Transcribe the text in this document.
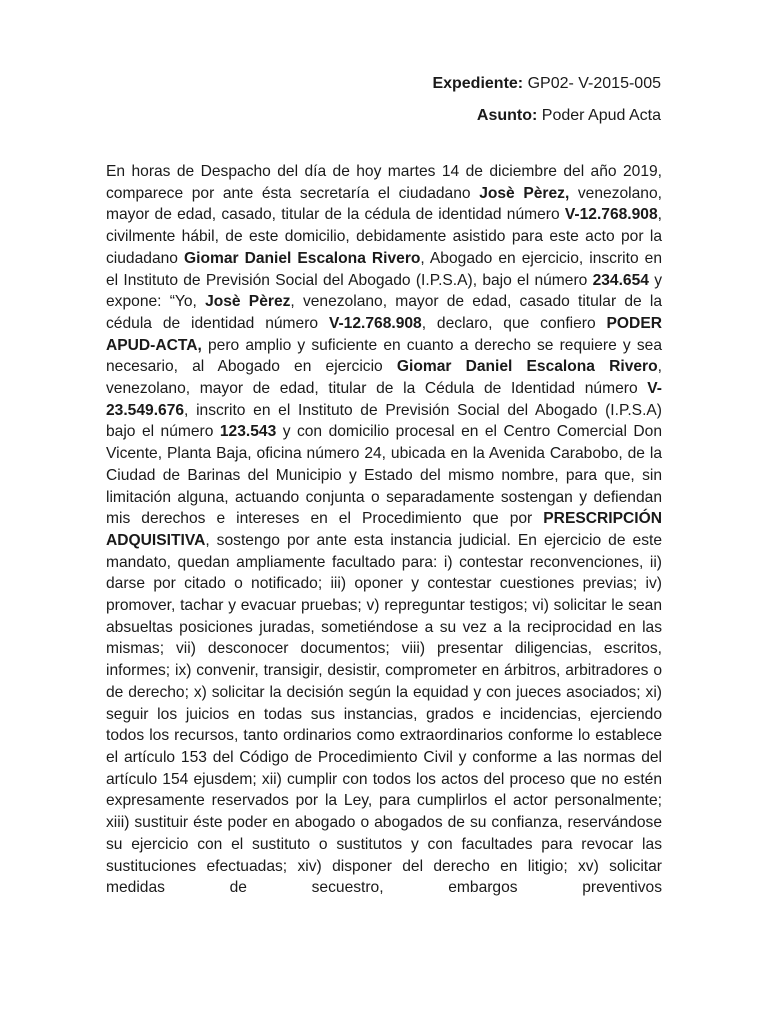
Expediente: GP02- V-2015-005
Asunto: Poder Apud Acta
En horas de Despacho del día de hoy martes 14 de diciembre del año 2019, comparece por ante ésta secretaría el ciudadano Josè Pèrez, venezolano, mayor de edad, casado, titular de la cédula de identidad número V-12.768.908, civilmente hábil, de este domicilio, debidamente asistido para este acto por la ciudadano Giomar Daniel Escalona Rivero, Abogado en ejercicio, inscrito en el Instituto de Previsión Social del Abogado (I.P.S.A), bajo el número 234.654 y expone: “Yo, Josè Pèrez, venezolano, mayor de edad, casado titular de la cédula de identidad número V-12.768.908, declaro, que confiero PODER APUD-ACTA, pero amplio y suficiente en cuanto a derecho se requiere y sea necesario, al Abogado en ejercicio Giomar Daniel Escalona Rivero, venezolano, mayor de edad, titular de la Cédula de Identidad número V-23.549.676, inscrito en el Instituto de Previsión Social del Abogado (I.P.S.A) bajo el número 123.543 y con domicilio procesal en el Centro Comercial Don Vicente, Planta Baja, oficina número 24, ubicada en la Avenida Carabobo, de la Ciudad de Barinas del Municipio y Estado del mismo nombre, para que, sin limitación alguna, actuando conjunta o separadamente sostengan y defiendan mis derechos e intereses en el Procedimiento que por PRESCRIPCIÓN ADQUISITIVA, sostengo por ante esta instancia judicial. En ejercicio de este mandato, quedan ampliamente facultado para: i) contestar reconvenciones, ii) darse por citado o notificado; iii) oponer y contestar cuestiones previas; iv) promover, tachar y evacuar pruebas; v) repreguntar testigos; vi) solicitar le sean absueltas posiciones juradas, sometiéndose a su vez a la reciprocidad en las mismas; vii) desconocer documentos; viii) presentar diligencias, escritos, informes; ix) convenir, transigir, desistir, comprometer en árbitros, arbitradores o de derecho; x) solicitar la decisión según la equidad y con jueces asociados; xi) seguir los juicios en todas sus instancias, grados e incidencias, ejerciendo todos los recursos, tanto ordinarios como extraordinarios conforme lo establece el artículo 153 del Código de Procedimiento Civil y conforme a las normas del artículo 154 ejusdem; xii) cumplir con todos los actos del proceso que no estén expresamente reservados por la Ley, para cumplirlos el actor personalmente; xiii) sustituir éste poder en abogado o abogados de su confianza, reservándose su ejercicio con el sustituto o sustitutos y con facultades para revocar las sustituciones efectuadas; xiv) disponer del derecho en litigio; xv) solicitar medidas de secuestro, embargos preventivos
